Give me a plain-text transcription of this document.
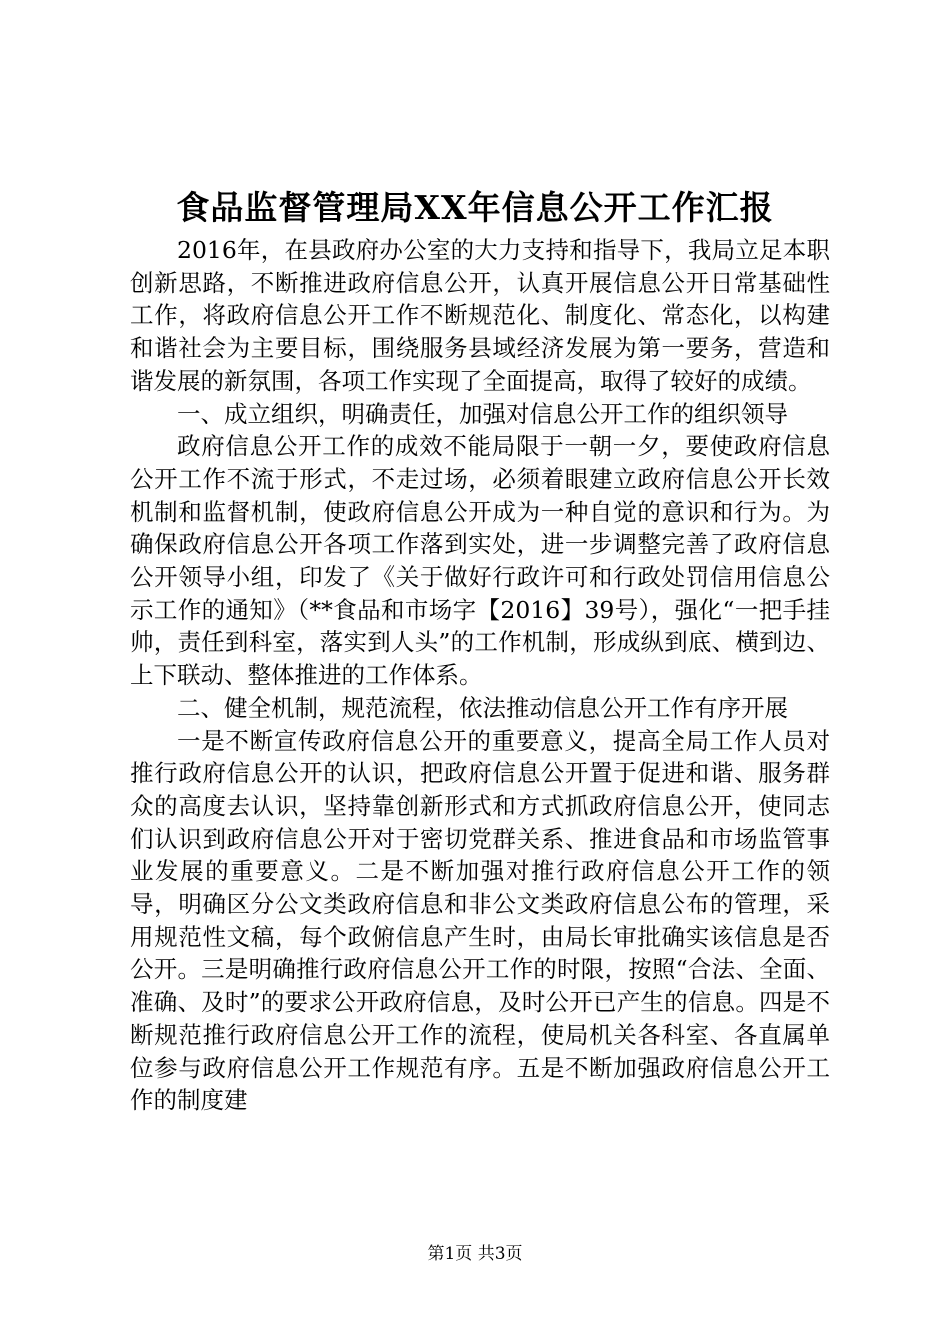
食品监督管理局XX年信息公开工作汇报

2016年，在县政府办公室的大力支持和指导下，我局立足本职创新思路，不断推进政府信息公开，认真开展信息公开日常基础性工作，将政府信息公开工作不断规范化、制度化、常态化，以构建和谐社会为主要目标，围绕服务县域经济发展为第一要务，营造和谐发展的新氛围，各项工作实现了全面提高，取得了较好的成绩。

一、成立组织，明确责任，加强对信息公开工作的组织领导

政府信息公开工作的成效不能局限于一朝一夕，要使政府信息公开工作不流于形式，不走过场，必须着眼建立政府信息公开长效机制和监督机制，使政府信息公开成为一种自觉的意识和行为。为确保政府信息公开各项工作落到实处，进一步调整完善了政府信息公开领导小组，印发了《关于做好行政许可和行政处罚信用信息公示工作的通知》（**食品和市场字【2016】39号），强化“一把手挂帅，责任到科室，落实到人头”的工作机制，形成纵到底、横到边、上下联动、整体推进的工作体系。

二、健全机制，规范流程，依法推动信息公开工作有序开展

一是不断宣传政府信息公开的重要意义，提高全局工作人员对推行政府信息公开的认识，把政府信息公开置于促进和谐、服务群众的高度去认识，坚持靠创新形式和方式抓政府信息公开，使同志们认识到政府信息公开对于密切党群关系、推进食品和市场监管事业发展的重要意义。二是不断加强对推行政府信息公开工作的领导，明确区分公文类政府信息和非公文类政府信息公布的管理，采用规范性文稿，每个政俯信息产生时，由局长审批确实该信息是否公开。三是明确推行政府信息公开工作的时限，按照“合法、全面、准确、及时”的要求公开政府信息，及时公开已产生的信息。四是不断规范推行政府信息公开工作的流程，使局机关各科室、各直属单位参与政府信息公开工作规范有序。五是不断加强政府信息公开工作的制度建

第1页 共3页
